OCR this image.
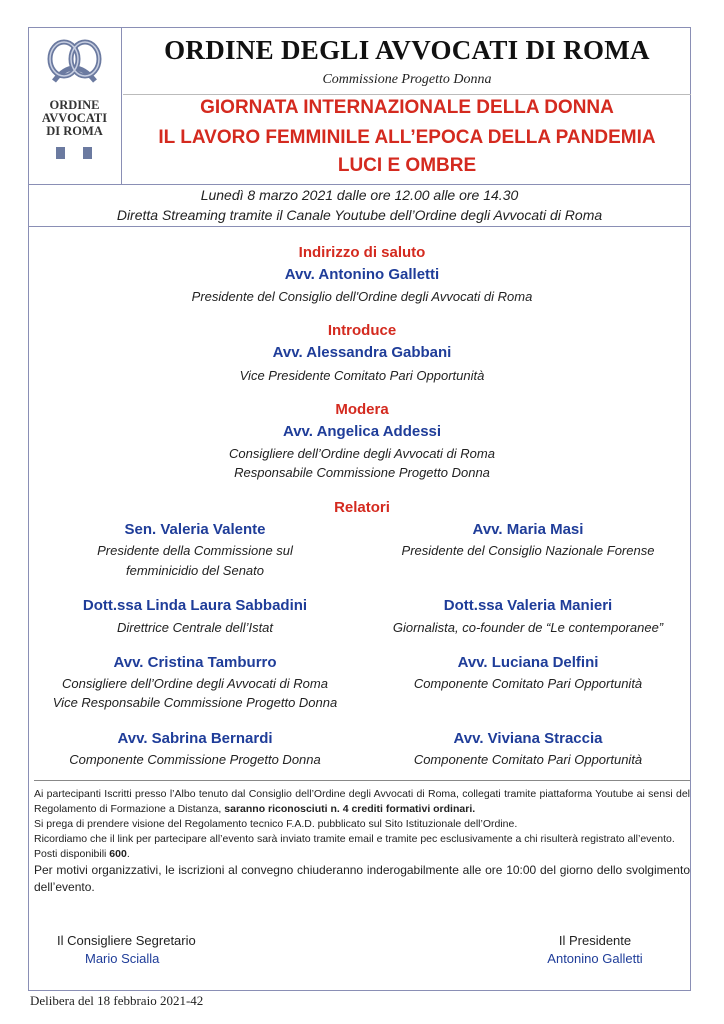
ORDINE
AVVOCATI
DI ROMA
ORDINE DEGLI AVVOCATI DI ROMA
Commissione Progetto Donna
GIORNATA INTERNAZIONALE DELLA DONNA
IL LAVORO FEMMINILE ALL’EPOCA DELLA PANDEMIA
LUCI E OMBRE
Lunedì 8 marzo 2021 dalle ore 12.00 alle ore 14.30
Diretta Streaming tramite il Canale Youtube dell’Ordine degli Avvocati di Roma
Indirizzo di saluto
Avv. Antonino Galletti
Presidente del Consiglio dell'Ordine degli Avvocati di Roma
Introduce
Avv. Alessandra Gabbani
Vice Presidente Comitato Pari Opportunità
Modera
Avv. Angelica Addessi
Consigliere dell’Ordine degli Avvocati di Roma
Responsabile Commissione Progetto Donna
Relatori
Sen. Valeria Valente
Presidente della Commissione sul
femminicidio del Senato
Avv. Maria Masi
Presidente del Consiglio Nazionale Forense
Dott.ssa Linda Laura Sabbadini
Direttrice Centrale dell’Istat
Dott.ssa Valeria Manieri
Giornalista, co-founder de “Le contemporanee”
Avv. Cristina Tamburro
Consigliere dell’Ordine degli Avvocati di Roma
Vice Responsabile Commissione Progetto Donna
Avv. Luciana Delfini
Componente Comitato Pari Opportunità
Avv. Sabrina Bernardi
Componente Commissione Progetto Donna
Avv. Viviana Straccia
Componente Comitato Pari Opportunità

Ai partecipanti Iscritti presso l’Albo tenuto dal Consiglio dell’Ordine degli Avvocati di Roma, collegati tramite piattaforma Youtube ai sensi del Regolamento di Formazione a Distanza, saranno riconosciuti n. 4 crediti formativi ordinari.

Si prega di prendere visione del Regolamento tecnico F.A.D. pubblicato sul Sito Istituzionale dell’Ordine.

Ricordiamo che il link per partecipare all’evento sarà inviato tramite email e tramite pec esclusivamente a chi risulterà registrato all’evento.

Posti disponibili 600.

Per motivi organizzativi, le iscrizioni al convegno chiuderanno inderogabilmente alle ore 10:00 del giorno dello svolgimento dell’evento.

Il Consigliere Segretario
Mario Scialla
Il Presidente
Antonino Galletti
Delibera del 18 febbraio 2021-42
